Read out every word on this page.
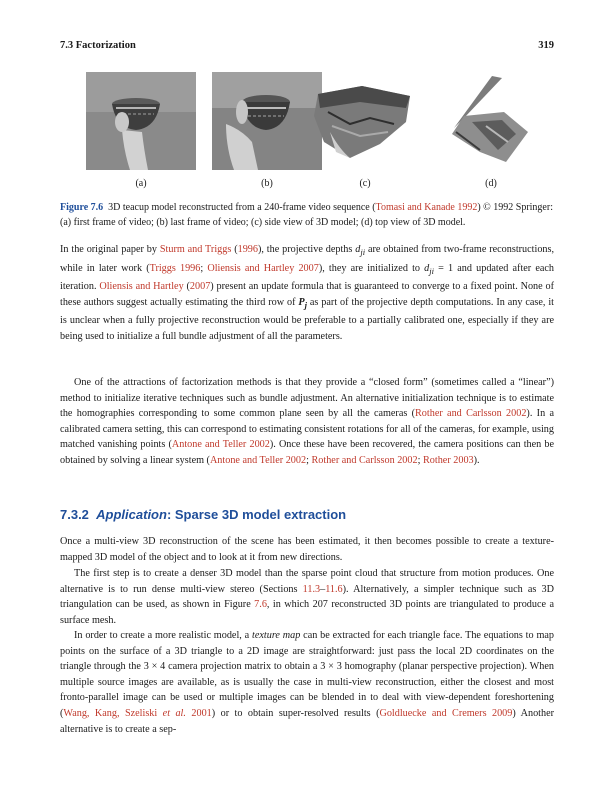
7.3 Factorization	319
(a)	(b)	(c)	(d)
Figure 7.6 3D teacup model reconstructed from a 240-frame video sequence (Tomasi and Kanade 1992) © 1992 Springer: (a) first frame of video; (b) last frame of video; (c) side view of 3D model; (d) top view of 3D model.
In the original paper by Sturm and Triggs (1996), the projective depths $d_{ji}$ are obtained from two-frame reconstructions, while in later work (Triggs 1996; Oliensis and Hartley 2007), they are initialized to $d_{ji} = 1$ and updated after each iteration. Oliensis and Hartley (2007) present an update formula that is guaranteed to converge to a fixed point. None of these authors suggest actually estimating the third row of $P_j$ as part of the projective depth computations. In any case, it is unclear when a fully projective reconstruction would be preferable to a partially calibrated one, especially if they are being used to initialize a full bundle adjustment of all the parameters.
One of the attractions of factorization methods is that they provide a “closed form” (sometimes called a “linear”) method to initialize iterative techniques such as bundle adjustment. An alternative initialization technique is to estimate the homographies corresponding to some common plane seen by all the cameras (Rother and Carlsson 2002). In a calibrated camera setting, this can correspond to estimating consistent rotations for all of the cameras, for example, using matched vanishing points (Antone and Teller 2002). Once these have been recovered, the camera positions can then be obtained by solving a linear system (Antone and Teller 2002; Rother and Carlsson 2002; Rother 2003).
7.3.2 Application: Sparse 3D model extraction
Once a multi-view 3D reconstruction of the scene has been estimated, it then becomes possible to create a texture-mapped 3D model of the object and to look at it from new directions.
The first step is to create a denser 3D model than the sparse point cloud that structure from motion produces. One alternative is to run dense multi-view stereo (Sections 11.3–11.6). Alternatively, a simpler technique such as 3D triangulation can be used, as shown in Figure 7.6, in which 207 reconstructed 3D points are triangulated to produce a surface mesh.
In order to create a more realistic model, a texture map can be extracted for each triangle face. The equations to map points on the surface of a 3D triangle to a 2D image are straightforward: just pass the local 2D coordinates on the triangle through the 3 × 4 camera projection matrix to obtain a 3 × 3 homography (planar perspective projection). When multiple source images are available, as is usually the case in multi-view reconstruction, either the closest and most fronto-parallel image can be used or multiple images can be blended in to deal with view-dependent foreshortening (Wang, Kang, Szeliski et al. 2001) or to obtain super-resolved results (Goldluecke and Cremers 2009) Another alternative is to create a sep-
